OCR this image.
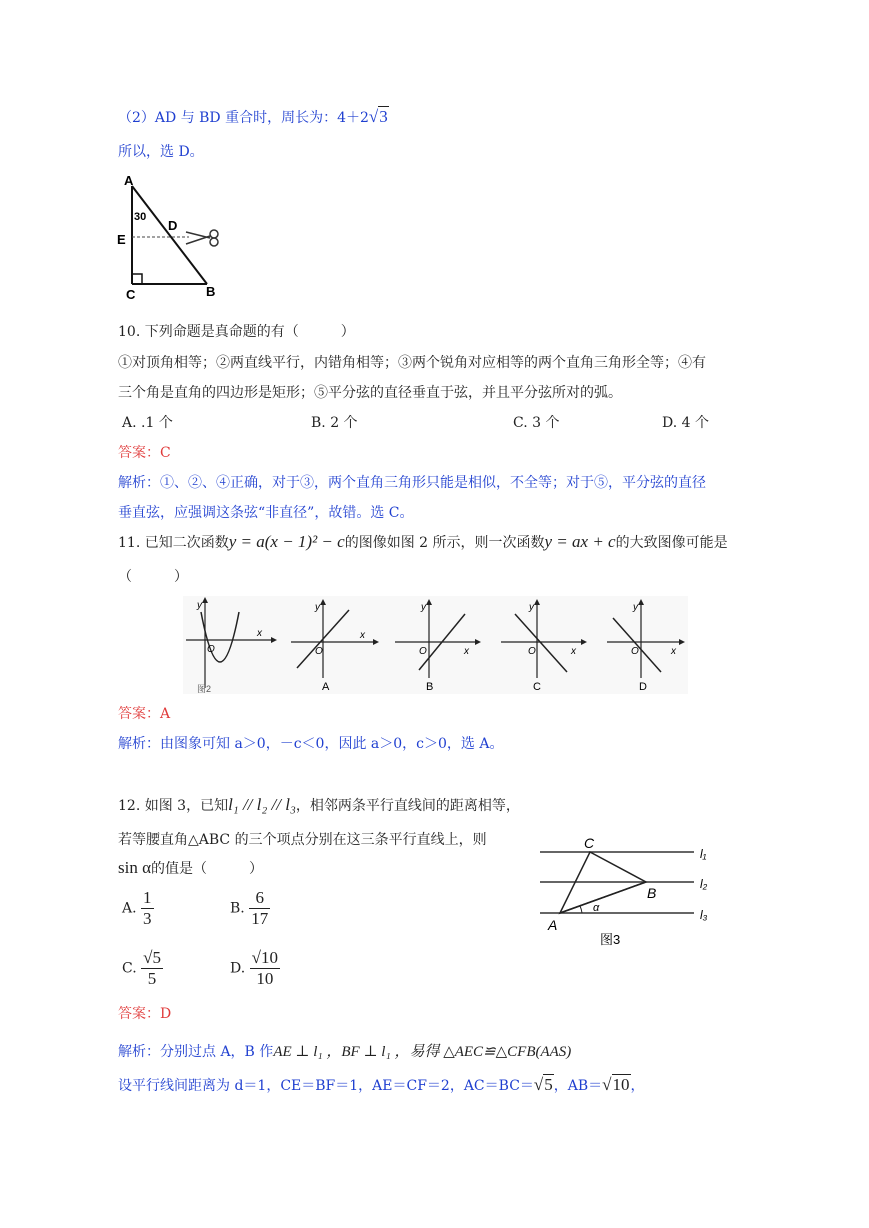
（2）AD 与 BD 重合时，周长为：4＋2√3
所以，选 D。
A
30
D
E
C	B
10. 下列命题是真命题的有（　　　）
①对顶角相等；②两直线平行，内错角相等；③两个锐角对应相等的两个直角三角形全等；④有
三个角是直角的四边形是矩形；⑤平分弦的直径垂直于弦，并且平分弦所对的弧。
A. .1 个	B. 2 个	C. 3 个	D. 4 个
答案：C
解析：①、②、④正确，对于③，两个直角三角形只能是相似，不全等；对于⑤，平分弦的直径
垂直弦，应强调这条弦“非直径”，故错。选 C。
11. 已知二次函数y = a(x − 1)² − c的图像如图 2 所示，则一次函数y = ax + c的大致图像可能是
（　　　）
y
x
O
图2
y
x
O
A
y
x
O
B
y
x
O
C
y
x
O
D
答案：A
解析：由图象可知 a＞0，－c＜0，因此 a＞0，c＞0，选 A。
12. 如图 3，已知l₁ // l₂ // l₃，相邻两条平行直线间的距离相等，
若等腰直角△ABC 的三个项点分别在这三条平行直线上，则
sin α的值是（　　　）
A. $\frac{1}{3}$	B. $\frac{6}{17}$
C. $\frac{√5}{5}$	D. $\frac{√10}{10}$
C
B
A
α
l₁
l₂
l₃
图3
答案：D
解析：分别过点 A，B 作AE ⊥ l₁ ，BF ⊥ l₁ ，易得 △AEC≌△CFB(AAS)
设平行线间距离为 d＝1，CE＝BF＝1，AE＝CF＝2，AC＝BC＝√5，AB＝√10，
